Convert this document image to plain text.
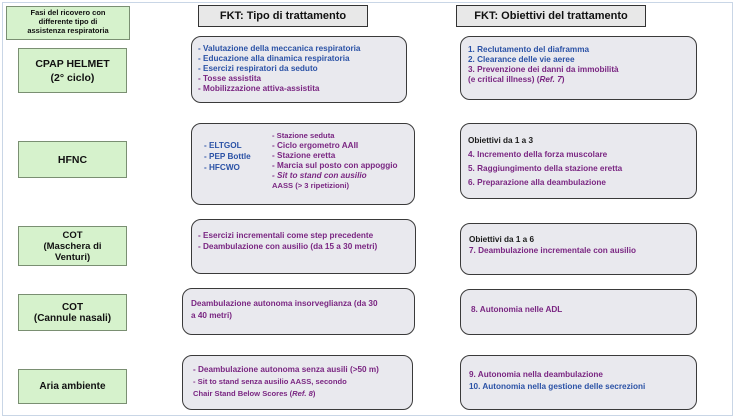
Fasi del ricovero con
differente tipo di
assistenza respiratoria
FKT: Tipo di trattamento	FKT: Obiettivi del trattamento
CPAP HELMET
(2° ciclo)
HFNC
COT
(Maschera di
Venturi)
COT
(Cannule nasali)
Aria ambiente
- Valutazione della meccanica respiratoria
- Educazione alla dinamica respiratoria
- Esercizi respiratori da seduto
- Tosse assistita
- Mobilizzazione attiva-assistita
- ELTGOL
- PEP Bottle
- HFCWO
- Stazione seduta
- Ciclo ergometro AAII
- Stazione eretta
- Marcia sul posto con appoggio
- Sit to stand con ausilio
AASS (> 3 ripetizioni)
- Esercizi incrementali come step precedente
- Deambulazione con ausilio (da 15 a 30 metri)
Deambulazione autonoma insorveglianza (da 30
a 40 metri)
- Deambulazione autonoma senza ausili (>50 m)
- Sit to stand senza ausilio AASS, secondo
Chair Stand Below Scores (Ref. 8)
1. Reclutamento del diaframma
2. Clearance delle vie aeree
3. Prevenzione dei danni da immobilità
(e critical illness) (Ref. 7)
Obiettivi da 1 a 3
4. Incremento della forza muscolare
5. Raggiungimento della stazione eretta
6. Preparazione alla deambulazione
Obiettivi da 1 a 6
7. Deambulazione incrementale con ausilio
8. Autonomia nelle ADL
9. Autonomia nella deambulazione
10. Autonomia nella gestione delle secrezioni
